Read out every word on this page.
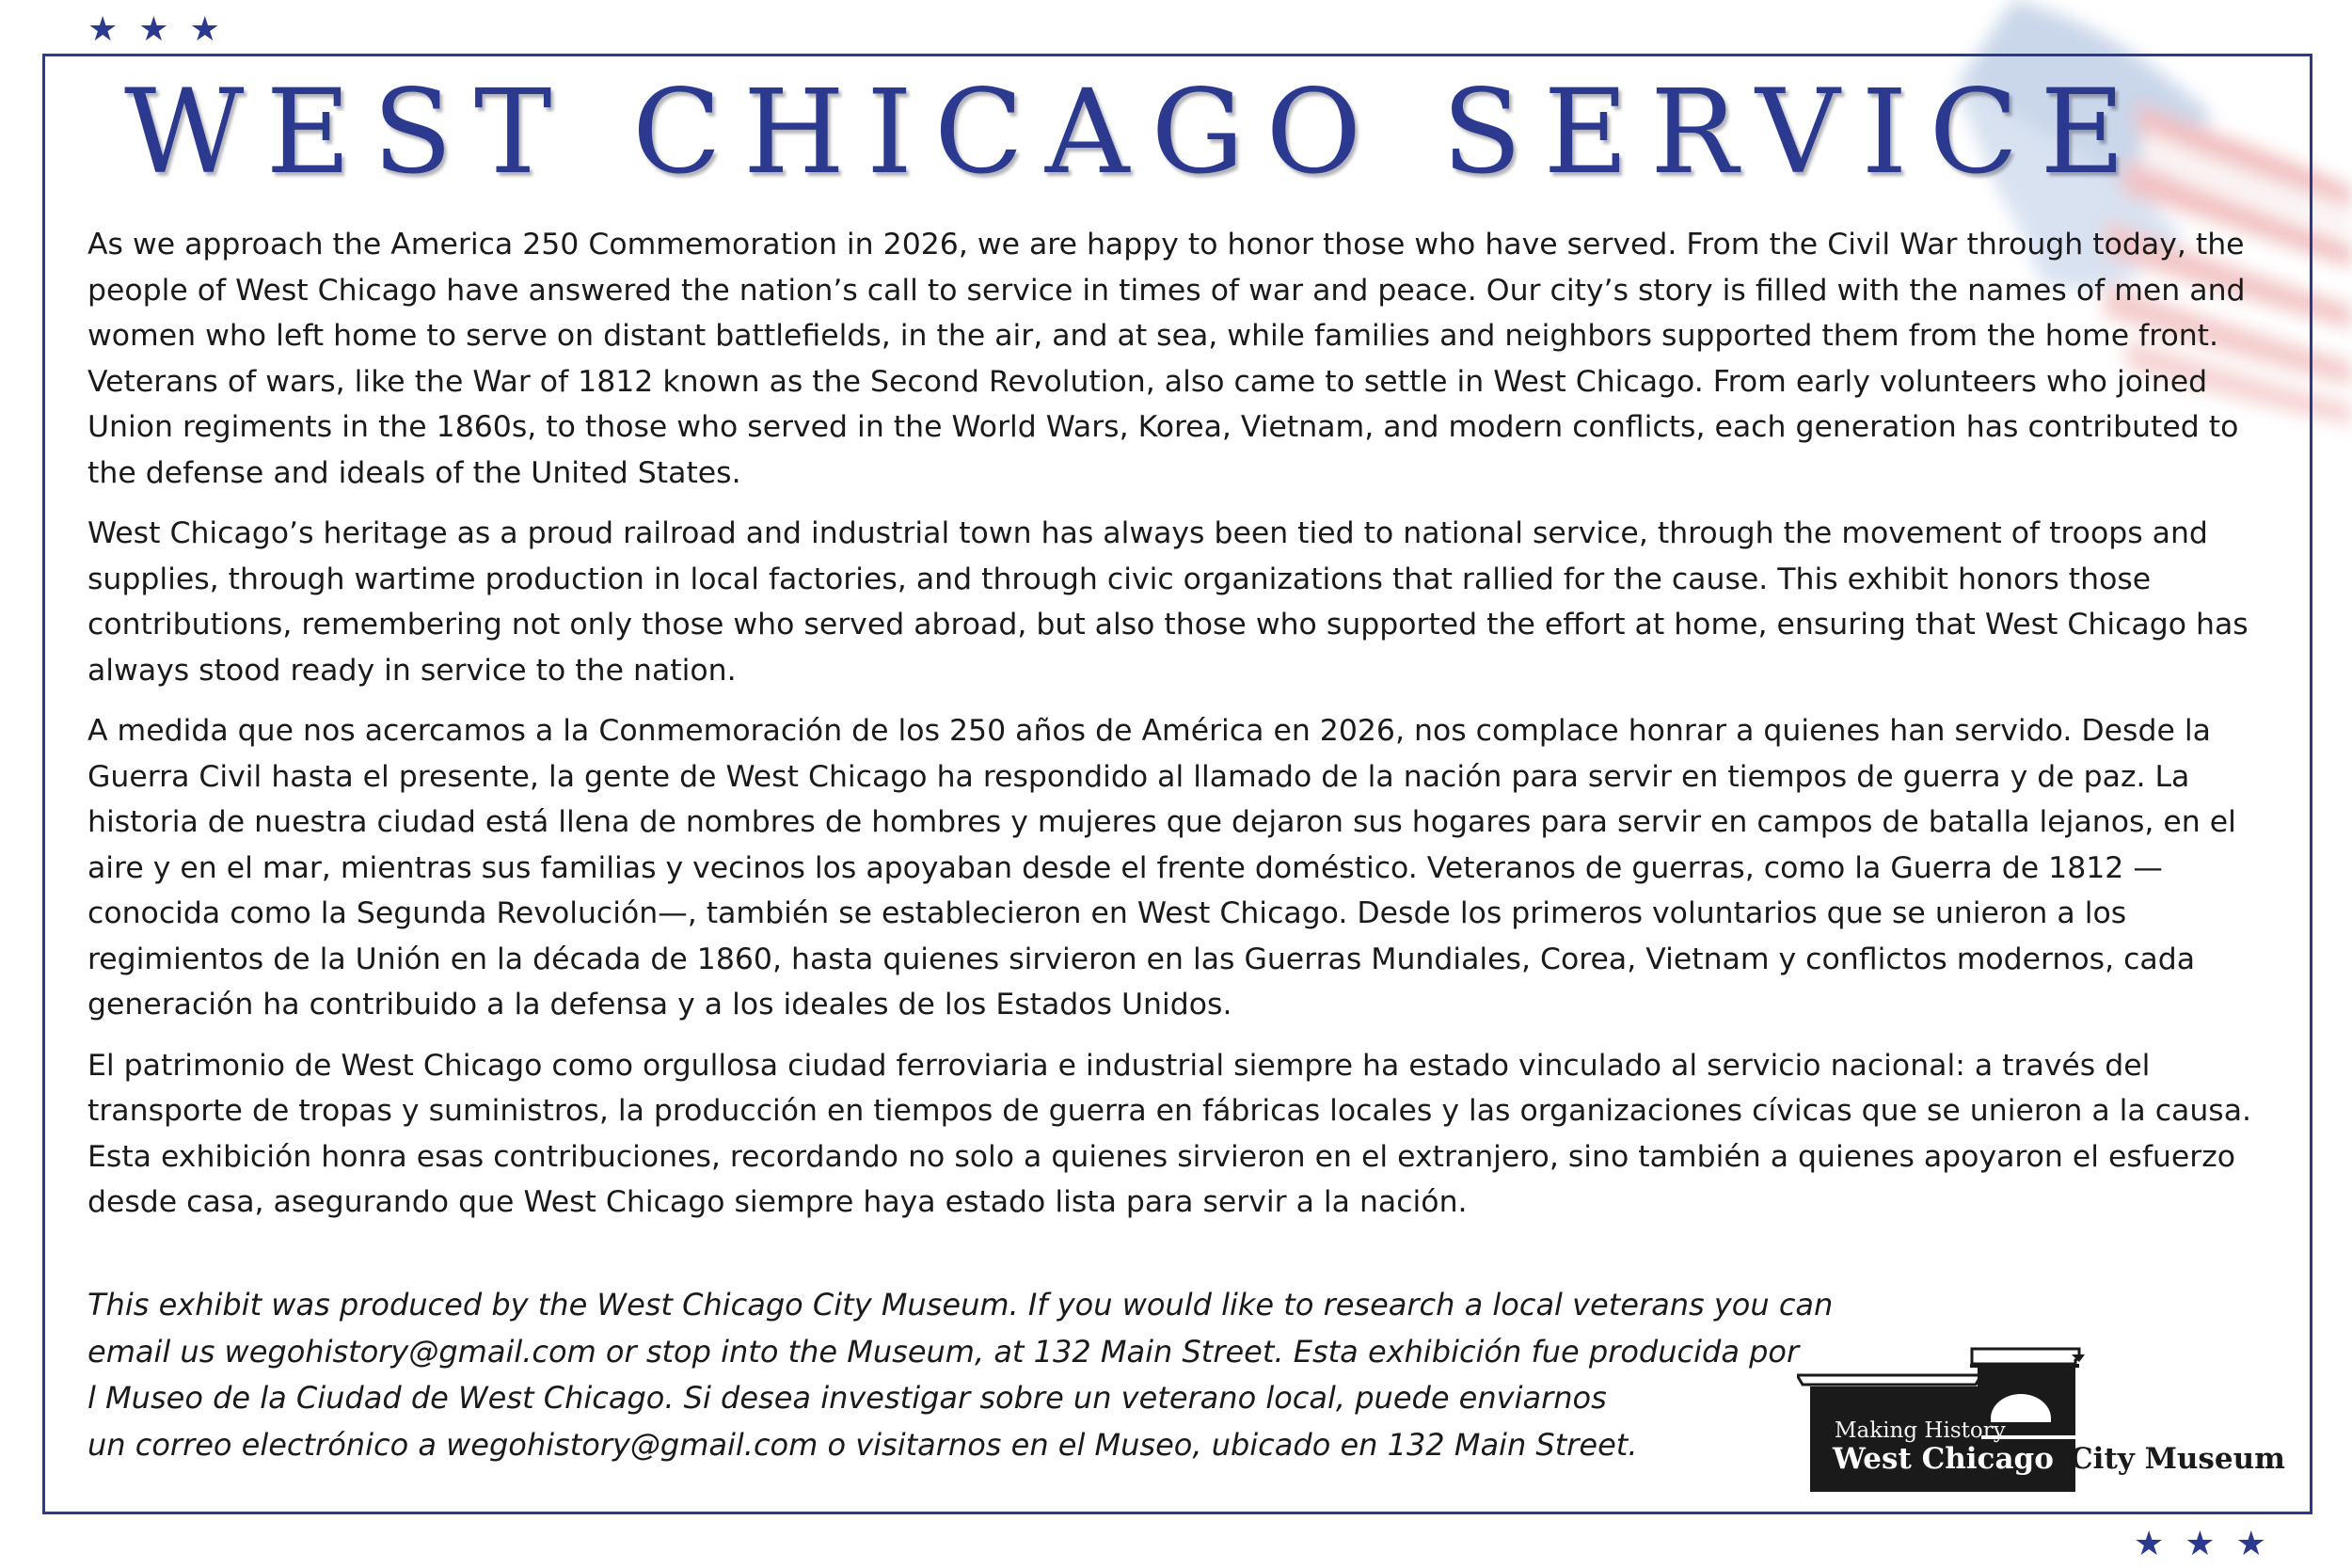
★★★
WEST CHICAGO SERVICE

As we approach the America 250 Commemoration in 2026, we are happy to honor those who have served. From the Civil War through today, the people of West Chicago have answered the nation’s call to service in times of war and peace. Our city’s story is filled with the names of men and women who left home to serve on distant battlefields, in the air, and at sea, while families and neighbors supported them from the home front. Veterans of wars, like the War of 1812 known as the Second Revolution, also came to settle in West Chicago. From early volunteers who joined Union regiments in the 1860s, to those who served in the World Wars, Korea, Vietnam, and modern conflicts, each generation has contributed to the defense and ideals of the United States.

West Chicago’s heritage as a proud railroad and industrial town has always been tied to national service, through the movement of troops and supplies, through wartime production in local factories, and through civic organizations that rallied for the cause. This exhibit honors those contributions, remembering not only those who served abroad, but also those who supported the effort at home, ensuring that West Chicago has always stood ready in service to the nation.

A medida que nos acercamos a la Conmemoración de los 250 años de América en 2026, nos complace honrar a quienes han servido. Desde la Guerra Civil hasta el presente, la gente de West Chicago ha respondido al llamado de la nación para servir en tiempos de guerra y de paz. La historia de nuestra ciudad está llena de nombres de hombres y mujeres que dejaron sus hogares para servir en campos de batalla lejanos, en el aire y en el mar, mientras sus familias y vecinos los apoyaban desde el frente doméstico. Veteranos de guerras, como la Guerra de 1812 —conocida como la Segunda Revolución—, también se establecieron en West Chicago. Desde los primeros voluntarios que se unieron a los regimientos de la Unión en la década de 1860, hasta quienes sirvieron en las Guerras Mundiales, Corea, Vietnam y conflictos modernos, cada generación ha contribuido a la defensa y a los ideales de los Estados Unidos.

El patrimonio de West Chicago como orgullosa ciudad ferroviaria e industrial siempre ha estado vinculado al servicio nacional: a través del transporte de tropas y suministros, la producción en tiempos de guerra en fábricas locales y las organizaciones cívicas que se unieron a la causa. Esta exhibición honra esas contribuciones, recordando no solo a quienes sirvieron en el extranjero, sino también a quienes apoyaron el esfuerzo desde casa, asegurando que West Chicago siempre haya estado lista para servir a la nación.

This exhibit was produced by the West Chicago City Museum. If you would like to research a local veterans you can
email us wegohistory@gmail.com or stop into the Museum, at 132 Main Street. Esta exhibición fue producida por
l Museo de la Ciudad de West Chicago. Si desea investigar sobre un veterano local, puede enviarnos
un correo electrónico a wegohistory@gmail.com o visitarnos en el Museo, ubicado en 132 Main Street.	Making History
West Chicago City Museum
★★★
